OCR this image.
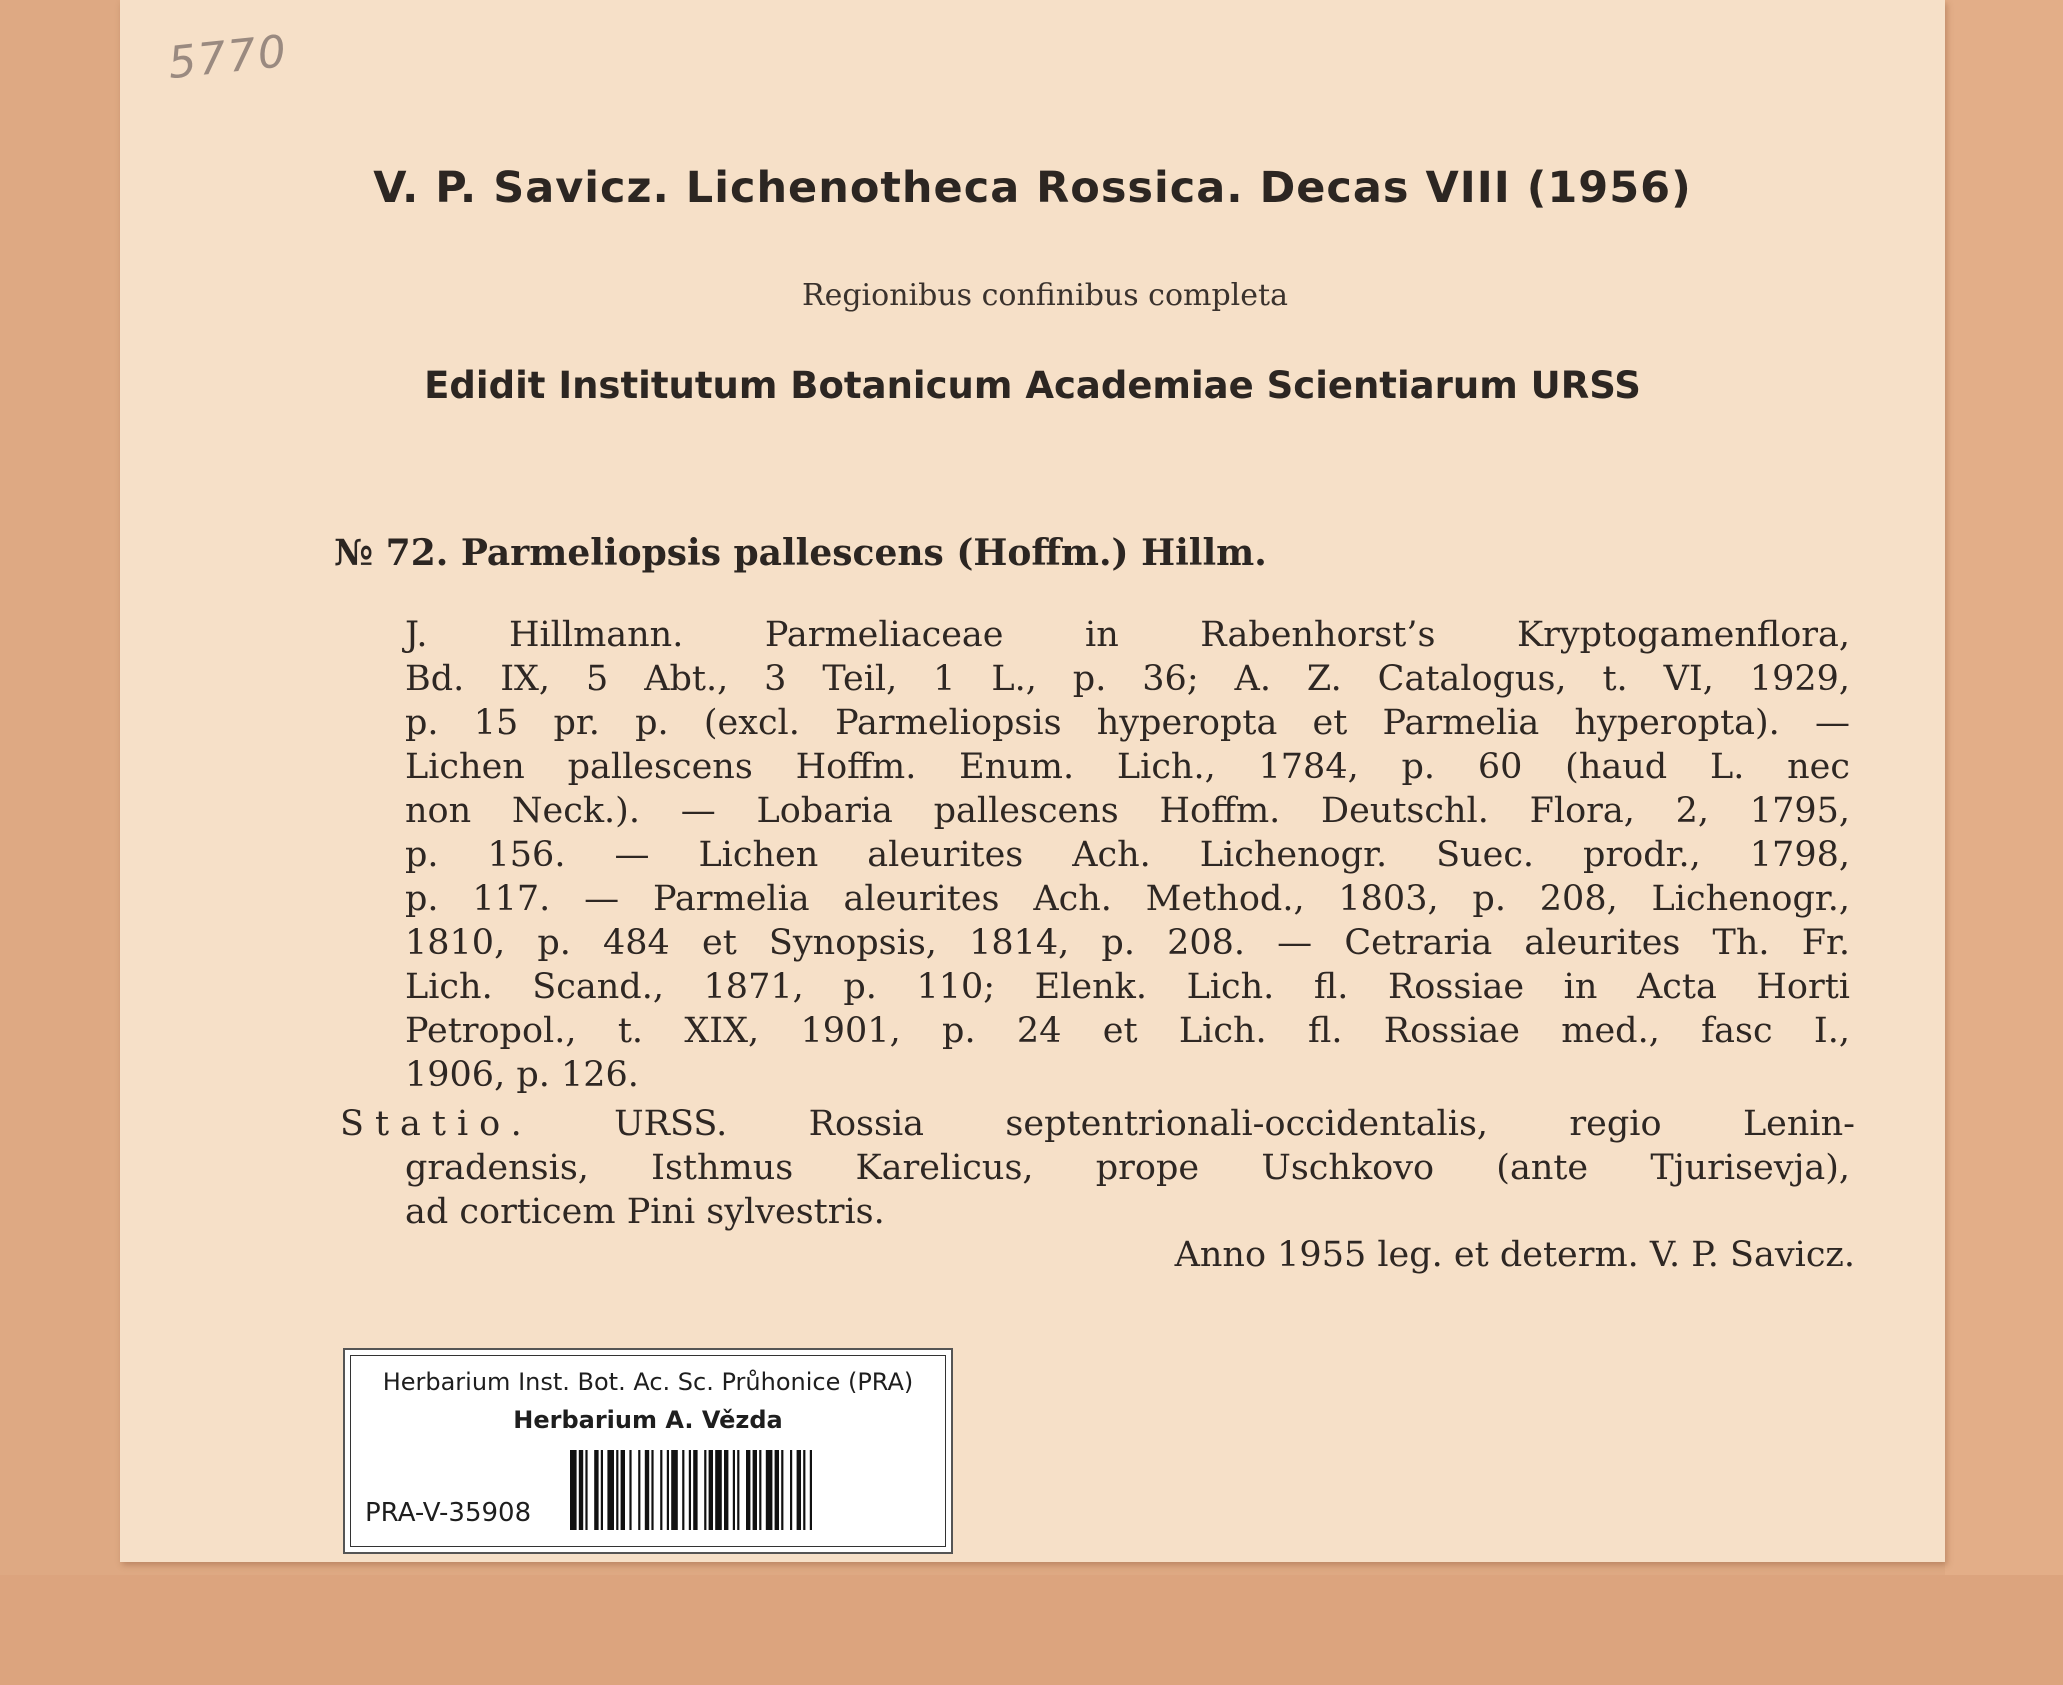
5770
V. P. Savicz. Lichenotheca Rossica. Decas VIII (1956)
Regionibus confinibus completa
Edidit Institutum Botanicum Academiae Scientiarum URSS
№ 72. Parmeliopsis pallescens (Hoffm.) Hillm.
J. Hillmann. Parmeliaceae in Rabenhorst’s Kryptogamenflora,
Bd. IX, 5 Abt., 3 Teil, 1 L., p. 36; A. Z. Catalogus, t. VI, 1929,
p. 15 pr. p. (excl. Parmeliopsis hyperopta et Parmelia hyperopta). —
Lichen pallescens Hoffm. Enum. Lich., 1784, p. 60 (haud L. nec
non Neck.). — Lobaria pallescens Hoffm. Deutschl. Flora, 2, 1795,
p. 156. — Lichen aleurites Ach. Lichenogr. Suec. prodr., 1798,
p. 117. — Parmelia aleurites Ach. Method., 1803, p. 208, Lichenogr.,
1810, p. 484 et Synopsis, 1814, p. 208. — Cetraria aleurites Th. Fr.
Lich. Scand., 1871, p. 110; Elenk. Lich. fl. Rossiae in Acta Horti
Petropol., t. XIX, 1901, p. 24 et Lich. fl. Rossiae med., fasc I.,
1906, p. 126.
Statio. URSS. Rossia septentrionali-occidentalis, regio Lenin-
gradensis, Isthmus Karelicus, prope Uschkovo (ante Tjurisevja),
ad corticem Pini sylvestris.
Anno 1955 leg. et determ. V. P. Savicz.
Herbarium Inst. Bot. Ac. Sc. Průhonice (PRA)
Herbarium A. Vězda
PRA-V-35908
